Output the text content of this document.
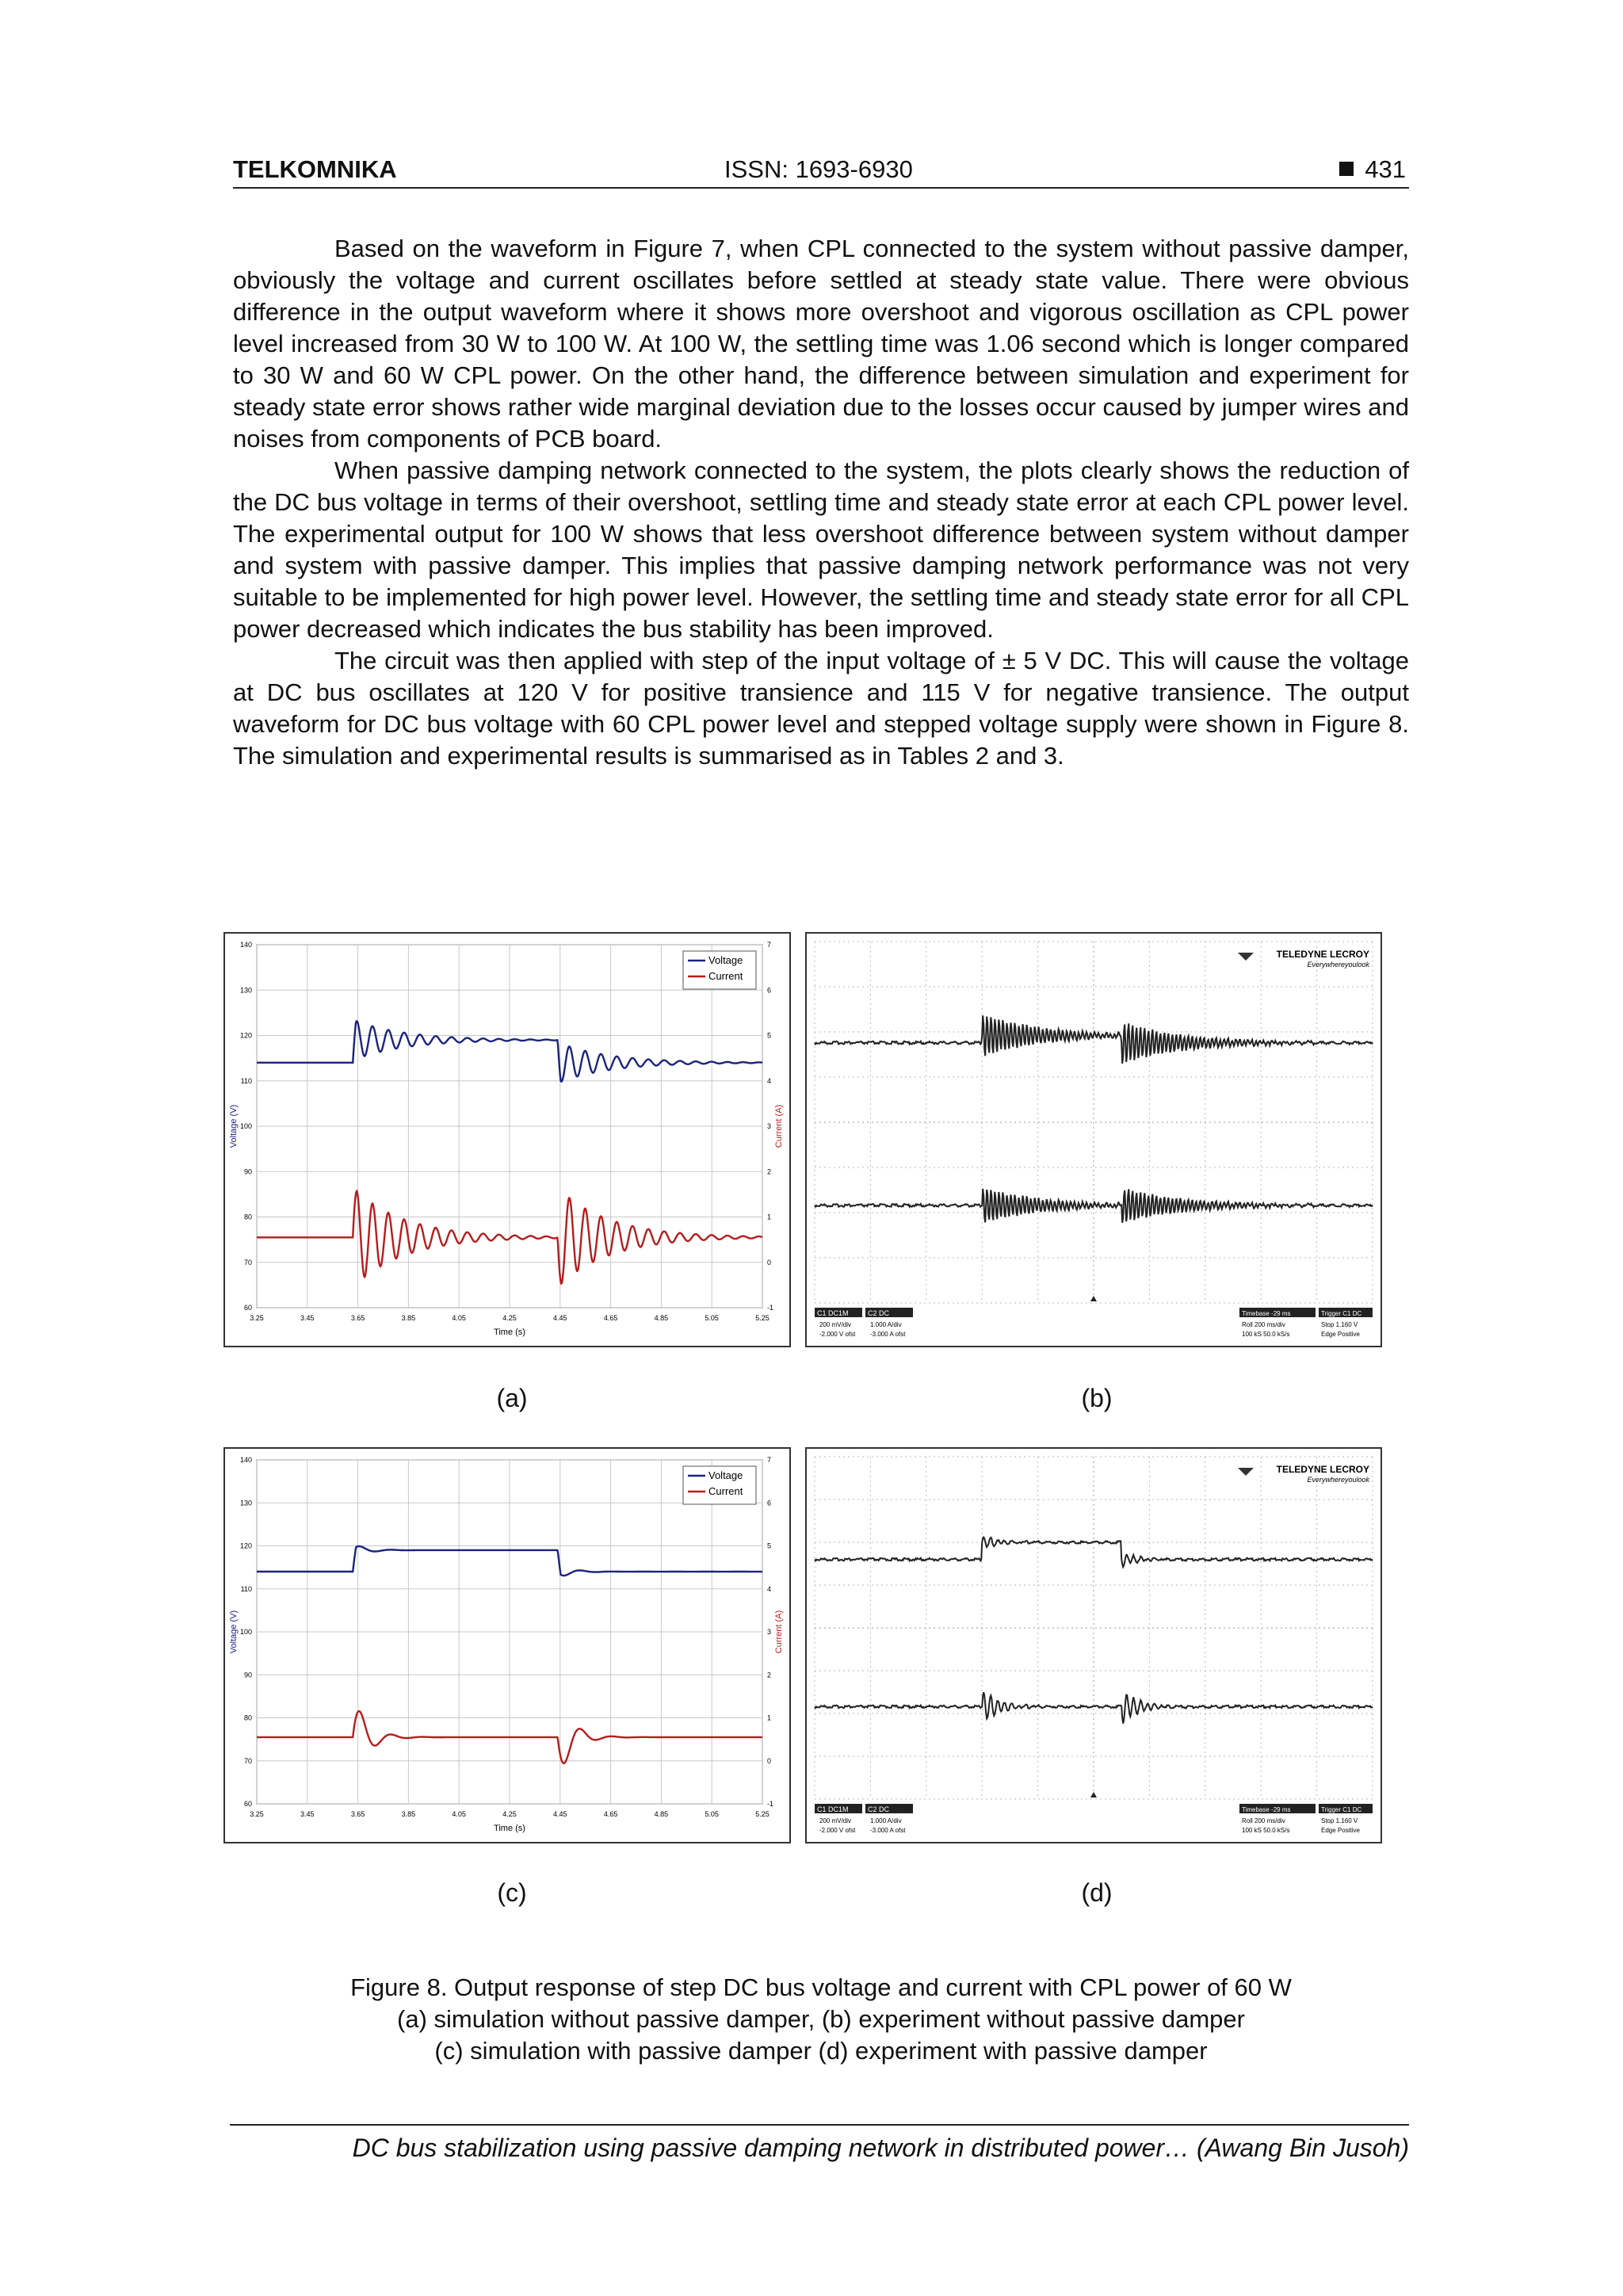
TELKOMNIKA	ISSN: 1693-6930	431

Based on the waveform in Figure 7, when CPL connected to the system without passive damper, obviously the voltage and current oscillates before settled at steady state value. There were obvious difference in the output waveform where it shows more overshoot and vigorous oscillation as CPL power level increased from 30 W to 100 W. At 100 W, the settling time was 1.06 second which is longer compared to 30 W and 60 W CPL power. On the other hand, the difference between simulation and experiment for steady state error shows rather wide marginal deviation due to the losses occur caused by jumper wires and noises from components of PCB board.

When passive damping network connected to the system, the plots clearly shows the reduction of the DC bus voltage in terms of their overshoot, settling time and steady state error at each CPL power level. The experimental output for 100 W shows that less overshoot difference between system without damper and system with passive damper. This implies that passive damping network performance was not very suitable to be implemented for high power level. However, the settling time and steady state error for all CPL power decreased which indicates the bus stability has been improved.

The circuit was then applied with step of the input voltage of ± 5 V DC. This will cause the voltage at DC bus oscillates at 120 V for positive transience and 115 V for negative transience. The output waveform for DC bus voltage with 60 CPL power level and stepped voltage supply were shown in Figure 8. The simulation and experimental results is summarised as in Tables 2 and 3.

3.25	3.45	3.65	3.85	4.05	4.25	4.45	4.65	4.85	5.05	5.25
60
70
80
90
100
110
120
130
140
-1
0
1
2
3
4
5
6
7
Time (s)
Voltage (V)	Current (A)
Voltage
Current
TELEDYNE LECROY
Everywhereyoulook
C1 DC1M	C2 DC
200 mV/div
-2.000 V ofst
1.000 A/div
-3.000 A ofst
Timebase -29 ms	Trigger C1 DC
Roll 200 ms/div
100 kS 50.0 kS/s
Stop 1.160 V
Edge Positive
3.25	3.45	3.65	3.85	4.05	4.25	4.45	4.65	4.85	5.05	5.25
60
70
80
90
100
110
120
130
140
-1
0
1
2
3
4
5
6
7
Time (s)
Voltage (V)	Current (A)
Voltage
Current
TELEDYNE LECROY
Everywhereyoulook
C1 DC1M	C2 DC
200 mV/div
-2.000 V ofst
1.000 A/div
-3.000 A ofst
Timebase -29 ms	Trigger C1 DC
Roll 200 ms/div
100 kS 50.0 kS/s
Stop 1.160 V
Edge Positive
(a)	(b)
(c)	(d)
Figure 8. Output response of step DC bus voltage and current with CPL power of 60 W
(a) simulation without passive damper, (b) experiment without passive damper
(c) simulation with passive damper (d) experiment with passive damper
DC bus stabilization using passive damping network in distributed power… (Awang Bin Jusoh)
